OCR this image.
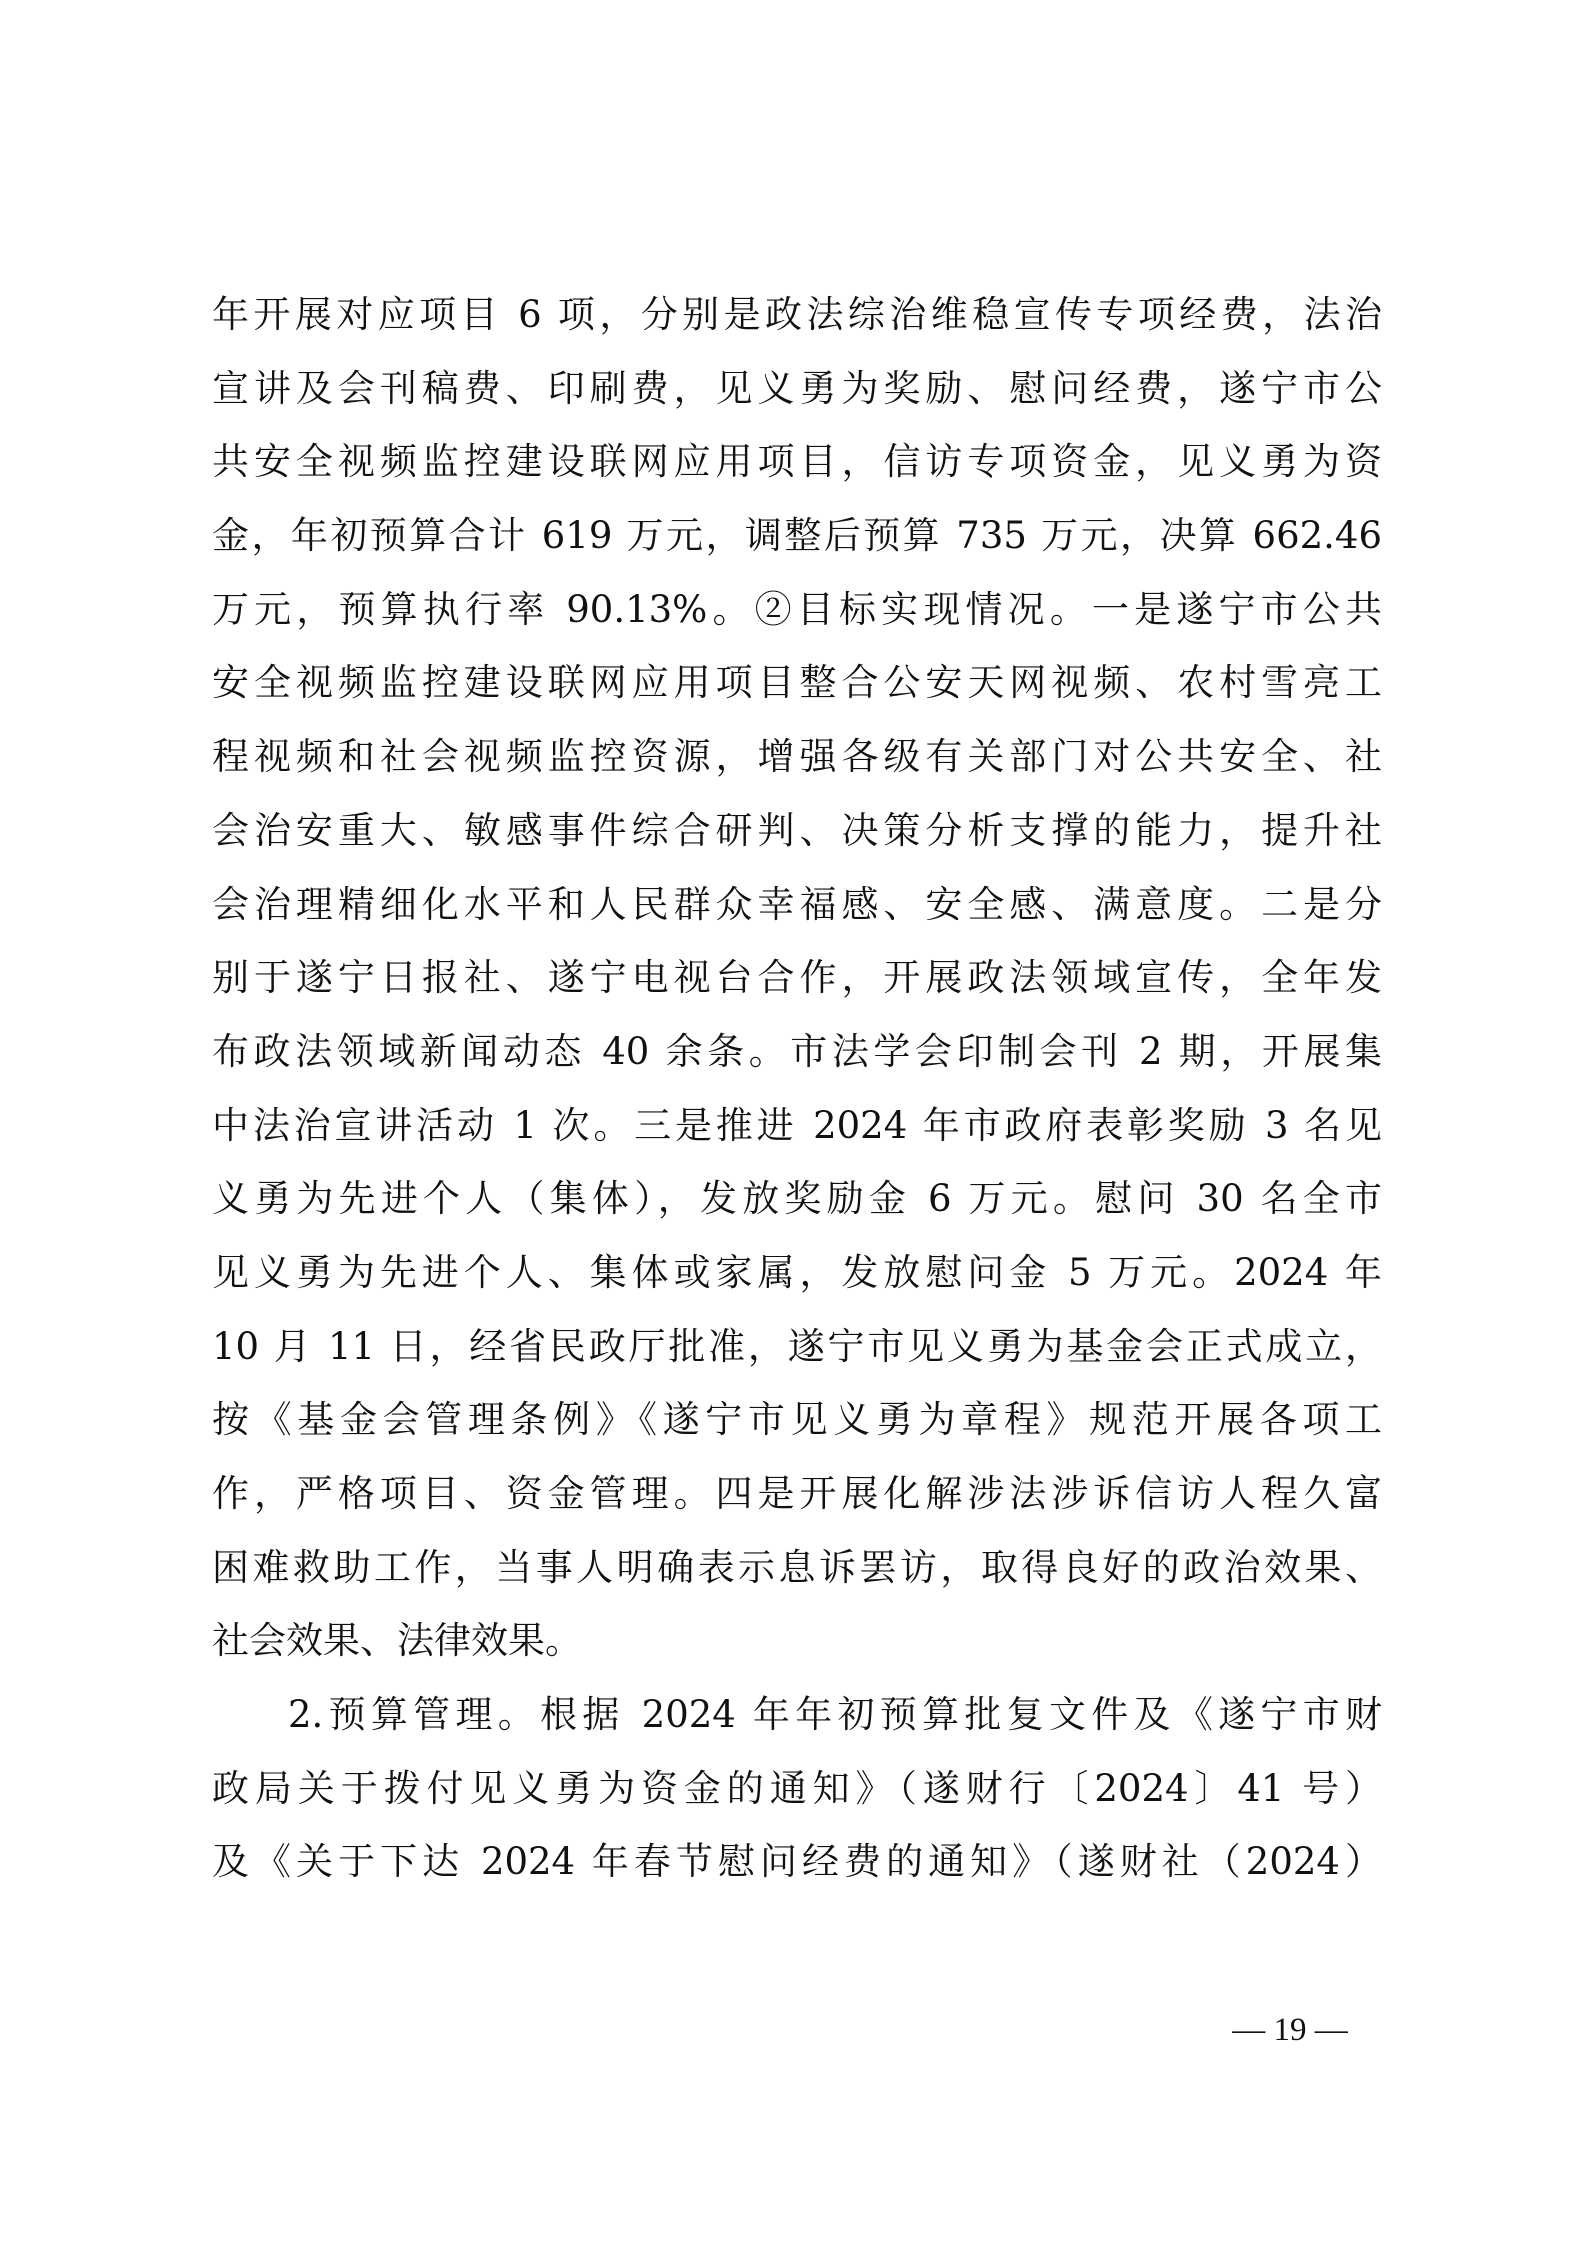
年开展对应项目 6 项，分别是政法综治维稳宣传专项经费，法治
宣讲及会刊稿费、印刷费，见义勇为奖励、慰问经费，遂宁市公
共安全视频监控建设联网应用项目，信访专项资金，见义勇为资
金，年初预算合计 619 万元，调整后预算 735 万元，决算 662.46
万元，预算执行率 90.13%。②目标实现情况。一是遂宁市公共
安全视频监控建设联网应用项目整合公安天网视频、农村雪亮工
程视频和社会视频监控资源，增强各级有关部门对公共安全、社
会治安重大、敏感事件综合研判、决策分析支撑的能力，提升社
会治理精细化水平和人民群众幸福感、安全感、满意度。二是分
别于遂宁日报社、遂宁电视台合作，开展政法领域宣传，全年发
布政法领域新闻动态 40 余条。市法学会印制会刊 2 期，开展集
中法治宣讲活动 1 次。三是推进 2024 年市政府表彰奖励 3 名见
义勇为先进个人（集体），发放奖励金 6 万元。慰问 30 名全市
见义勇为先进个人、集体或家属，发放慰问金 5 万元。2024 年
10 月 11 日，经省民政厅批准，遂宁市见义勇为基金会正式成立，
按《基金会管理条例》《遂宁市见义勇为章程》规范开展各项工
作，严格项目、资金管理。四是开展化解涉法涉诉信访人程久富
困难救助工作，当事人明确表示息诉罢访，取得良好的政治效果、
社会效果、法律效果。
2.预算管理。根据 2024 年年初预算批复文件及《遂宁市财
政局关于拨付见义勇为资金的通知》（遂财行〔2024〕41 号）
及《关于下达 2024 年春节慰问经费的通知》（遂财社（2024）
— 19 —
